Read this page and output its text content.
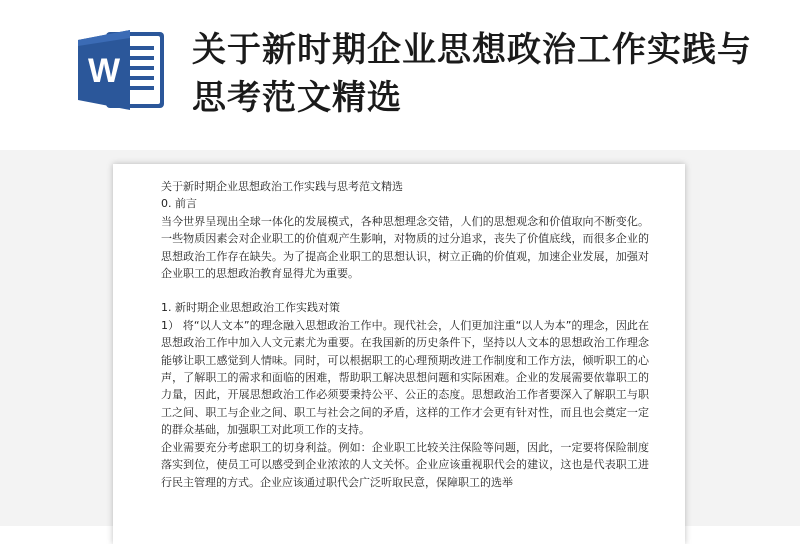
W
关于新时期企业思想政治工作实践与思考范文精选

关于新时期企业思想政治工作实践与思考范文精选

0. 前言

当今世界呈现出全球一体化的发展模式，各种思想理念交错，人们的思想观念和价值取向不断变化。一些物质因素会对企业职工的价值观产生影响，对物质的过分追求，丧失了价值底线，而很多企业的思想政治工作存在缺失。为了提高企业职工的思想认识，树立正确的价值观，加速企业发展，加强对企业职工的思想政治教育显得尤为重要。

1. 新时期企业思想政治工作实践对策

1） 将“以人文本”的理念融入思想政治工作中。现代社会，人们更加注重“以人为本”的理念，因此在思想政治工作中加入人文元素尤为重要。在我国新的历史条件下，坚持以人文本的思想政治工作理念能够让职工感觉到人情味。同时，可以根据职工的心理预期改进工作制度和工作方法，倾听职工的心声，了解职工的需求和面临的困难，帮助职工解决思想问题和实际困难。企业的发展需要依靠职工的力量，因此，开展思想政治工作必须要秉持公平、公正的态度。思想政治工作者要深入了解职工与职工之间、职工与企业之间、职工与社会之间的矛盾，这样的工作才会更有针对性，而且也会奠定一定的群众基础，加强职工对此项工作的支持。

企业需要充分考虑职工的切身利益。例如：企业职工比较关注保险等问题，因此，一定要将保险制度落实到位，使员工可以感受到企业浓浓的人文关怀。企业应该重视职代会的建议，这也是代表职工进行民主管理的方式。企业应该通过职代会广泛听取民意，保障职工的选举
